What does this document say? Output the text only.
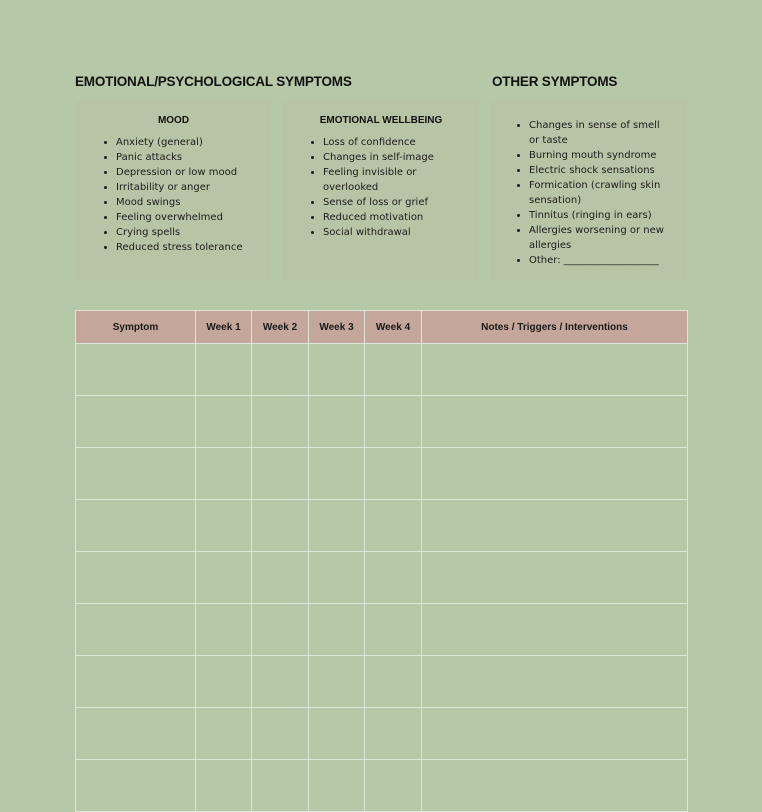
EMOTIONAL/PSYCHOLOGICAL SYMPTOMS	OTHER SYMPTOMS
MOOD
• Anxiety (general)
• Panic attacks
• Depression or low mood
• Irritability or anger
• Mood swings
• Feeling overwhelmed
• Crying spells
• Reduced stress tolerance
EMOTIONAL WELLBEING
• Loss of confidence
• Changes in self-image
• Feeling invisible or overlooked
• Sense of loss or grief
• Reduced motivation
• Social withdrawal
• Changes in sense of smell or taste
• Burning mouth syndrome
• Electric shock sensations
• Formication (crawling skin sensation)
• Tinnitus (ringing in ears)
• Allergies worsening or new allergies
• Other: ___________________
Symptom	Week 1	Week 2	Week 3	Week 4	Notes / Triggers / Interventions
